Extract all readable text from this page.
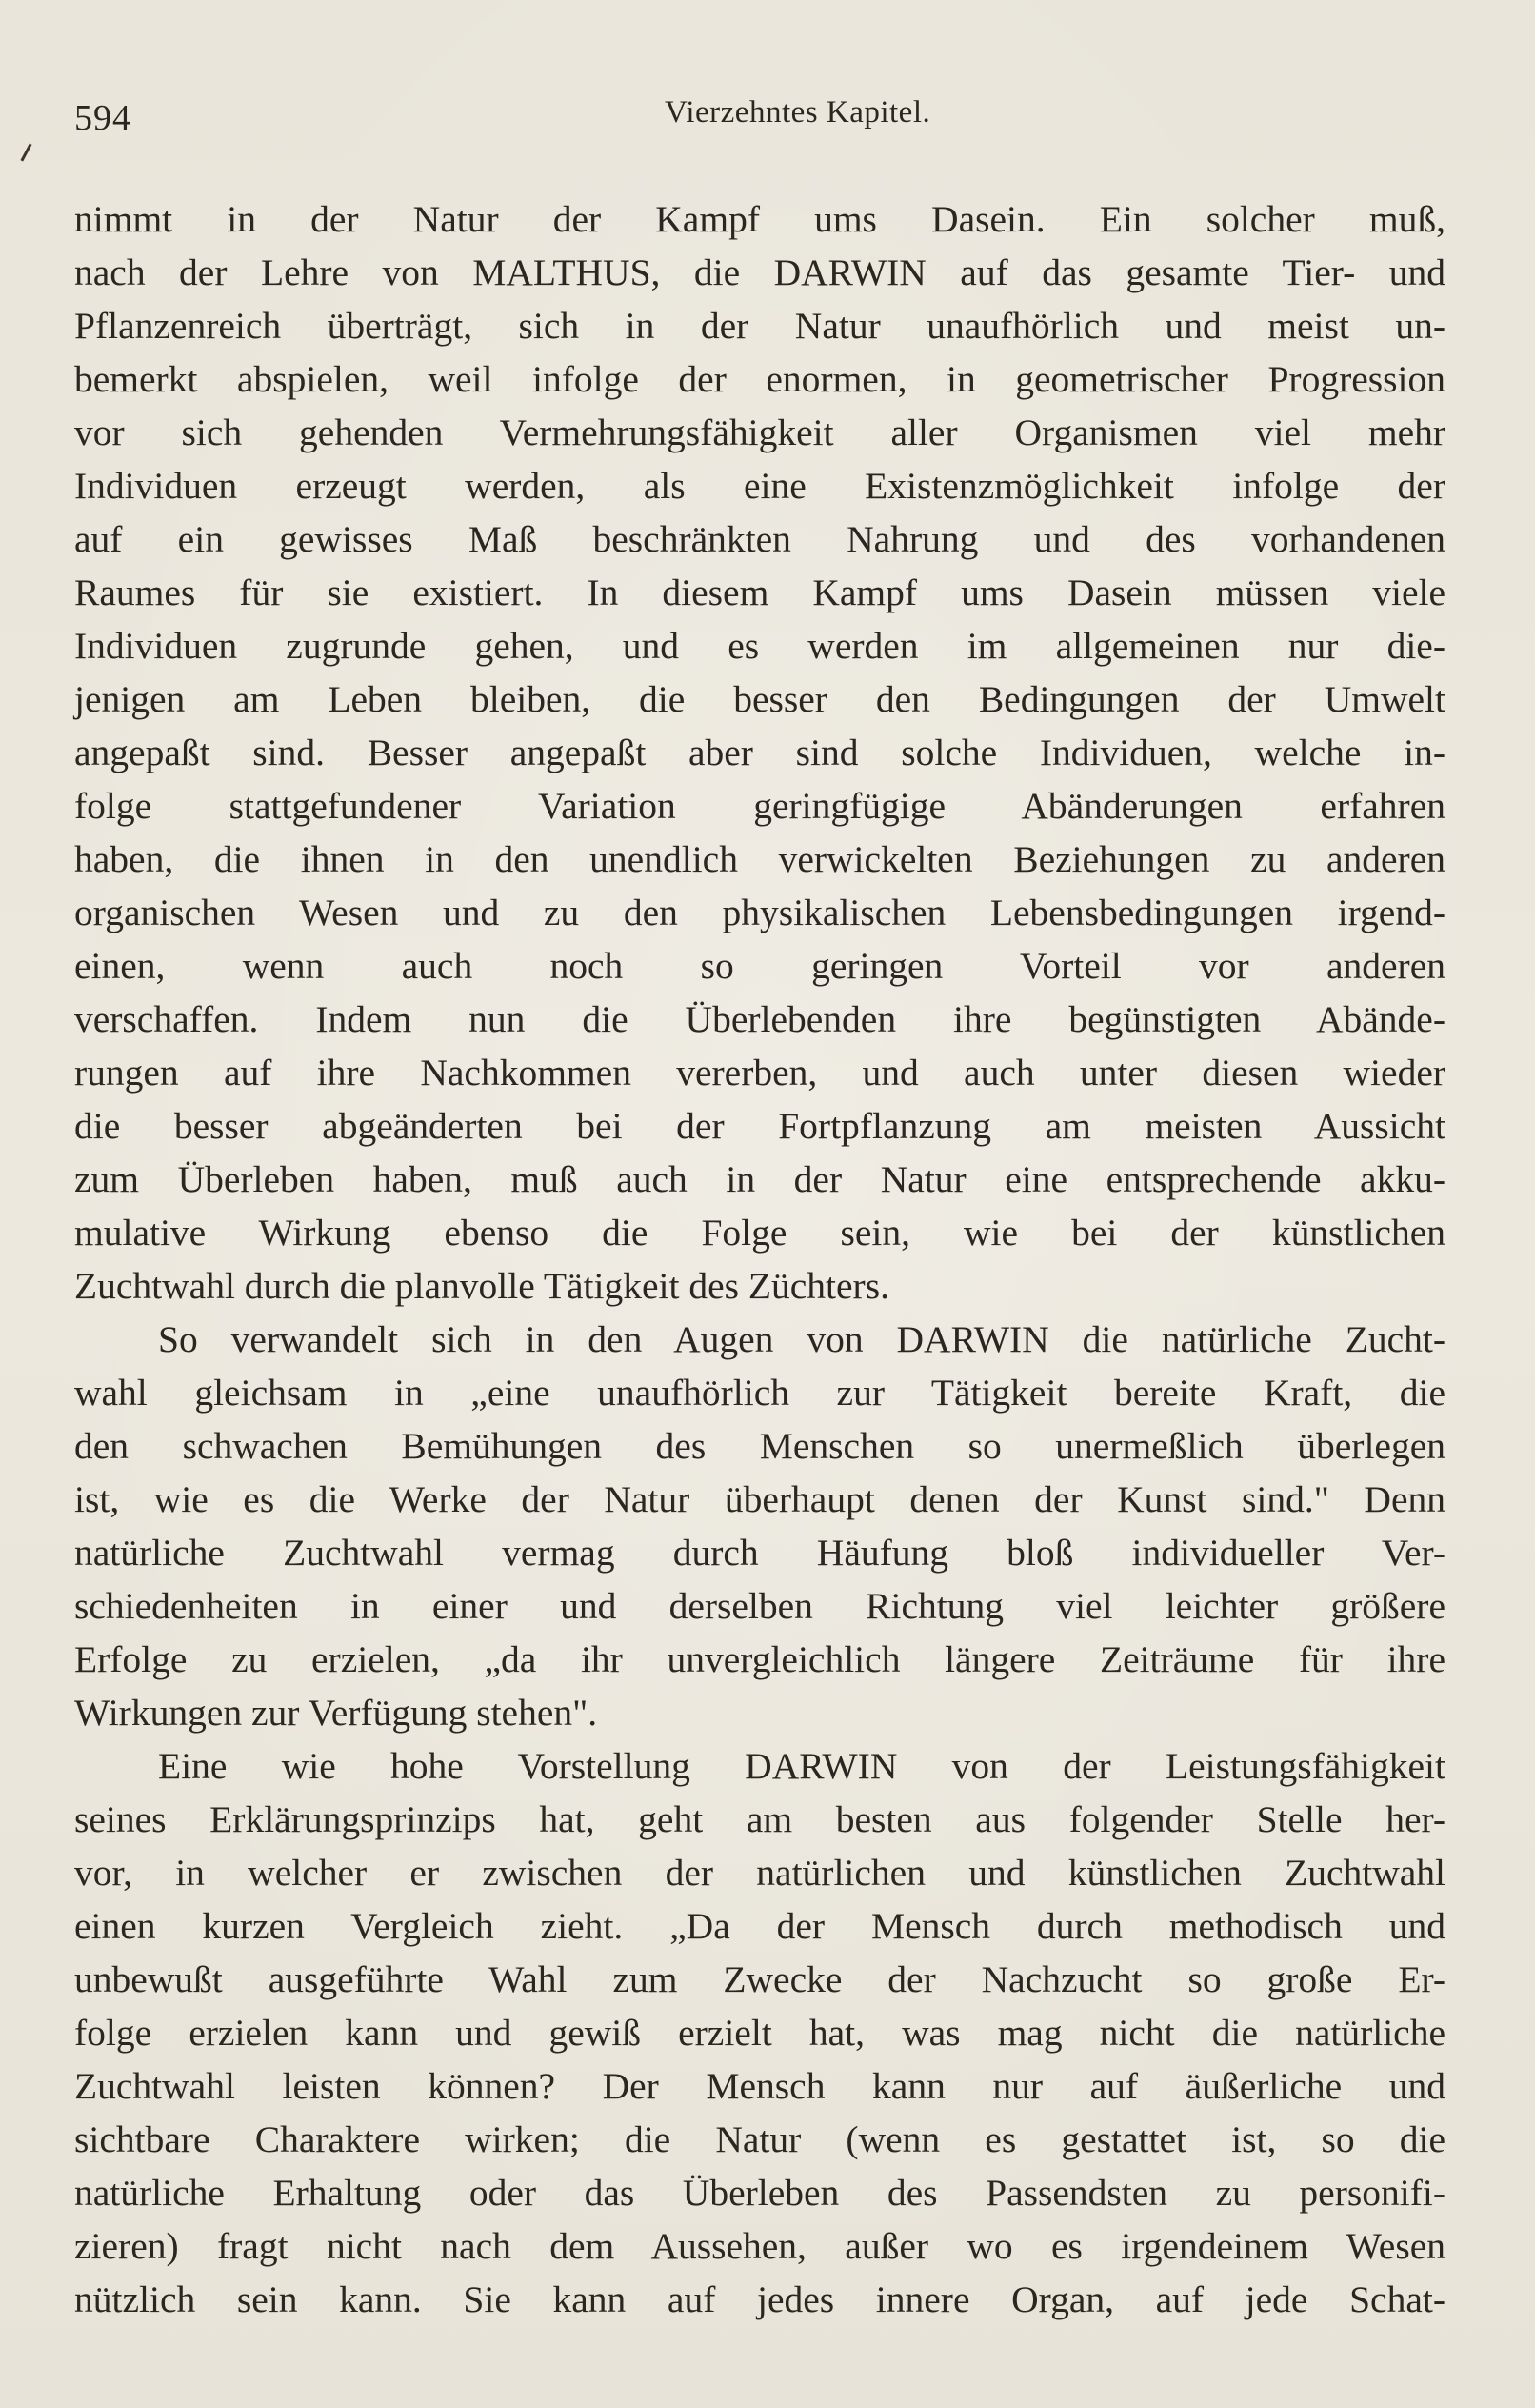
594	Vierzehntes Kapitel.
nimmt in der Natur der Kampf ums Dasein. Ein solcher muß,
nach der Lehre von MALTHUS, die DARWIN auf das gesamte Tier- und
Pflanzenreich überträgt, sich in der Natur unaufhörlich und meist un-
bemerkt abspielen, weil infolge der enormen, in geometrischer Progression
vor sich gehenden Vermehrungsfähigkeit aller Organismen viel mehr
Individuen erzeugt werden, als eine Existenzmöglichkeit infolge der
auf ein gewisses Maß beschränkten Nahrung und des vorhandenen
Raumes für sie existiert. In diesem Kampf ums Dasein müssen viele
Individuen zugrunde gehen, und es werden im allgemeinen nur die-
jenigen am Leben bleiben, die besser den Bedingungen der Umwelt
angepaßt sind. Besser angepaßt aber sind solche Individuen, welche in-
folge stattgefundener Variation geringfügige Abänderungen erfahren
haben, die ihnen in den unendlich verwickelten Beziehungen zu anderen
organischen Wesen und zu den physikalischen Lebensbedingungen irgend-
einen, wenn auch noch so geringen Vorteil vor anderen
verschaffen. Indem nun die Überlebenden ihre begünstigten Abände-
rungen auf ihre Nachkommen vererben, und auch unter diesen wieder
die besser abgeänderten bei der Fortpflanzung am meisten Aussicht
zum Überleben haben, muß auch in der Natur eine entsprechende akku-
mulative Wirkung ebenso die Folge sein, wie bei der künstlichen
Zuchtwahl durch die planvolle Tätigkeit des Züchters.
So verwandelt sich in den Augen von DARWIN die natürliche Zucht-
wahl gleichsam in „eine unaufhörlich zur Tätigkeit bereite Kraft, die
den schwachen Bemühungen des Menschen so unermeßlich überlegen
ist, wie es die Werke der Natur überhaupt denen der Kunst sind." Denn
natürliche Zuchtwahl vermag durch Häufung bloß individueller Ver-
schiedenheiten in einer und derselben Richtung viel leichter größere
Erfolge zu erzielen, „da ihr unvergleichlich längere Zeiträume für ihre
Wirkungen zur Verfügung stehen".
Eine wie hohe Vorstellung DARWIN von der Leistungsfähigkeit
seines Erklärungsprinzips hat, geht am besten aus folgender Stelle her-
vor, in welcher er zwischen der natürlichen und künstlichen Zuchtwahl
einen kurzen Vergleich zieht. „Da der Mensch durch methodisch und
unbewußt ausgeführte Wahl zum Zwecke der Nachzucht so große Er-
folge erzielen kann und gewiß erzielt hat, was mag nicht die natürliche
Zuchtwahl leisten können? Der Mensch kann nur auf äußerliche und
sichtbare Charaktere wirken; die Natur (wenn es gestattet ist, so die
natürliche Erhaltung oder das Überleben des Passendsten zu personifi-
zieren) fragt nicht nach dem Aussehen, außer wo es irgendeinem Wesen
nützlich sein kann. Sie kann auf jedes innere Organ, auf jede Schat-
